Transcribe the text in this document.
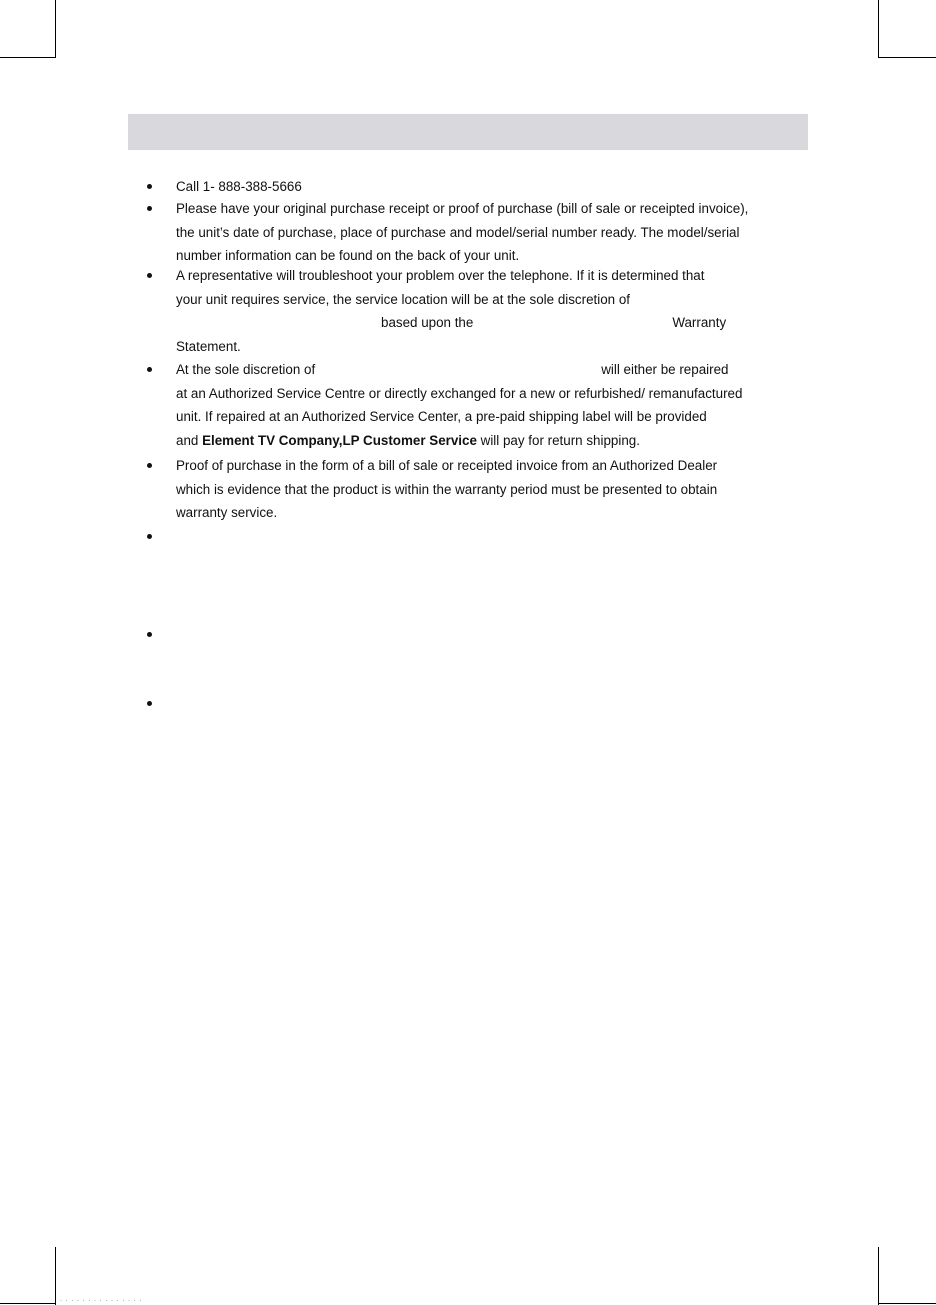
Call 1- 888-388-5666
Please have your original purchase receipt or proof of purchase (bill of sale or receipted invoice),
the unit’s date of purchase, place of purchase and model/serial number ready. The model/serial
number information can be found on the back of your unit.
A representative will troubleshoot your problem over the telephone. If it is determined that
your unit requires service, the service location will be at the sole discretion of
based upon the	Warranty
Statement.
At the sole discretion of	will either be repaired
at an Authorized Service Centre or directly exchanged for a new or refurbished/ remanufactured
unit. If repaired at an Authorized Service Center, a pre-paid shipping label will be provided
and Element TV Company,LP Customer Service will pay for return shipping.
Proof of purchase in the form of a bill of sale or receipted invoice from an Authorized Dealer
which is evidence that the product is within the warranty period must be presented to obtain
warranty service.
· · · · · · · · · · · · · · ·
